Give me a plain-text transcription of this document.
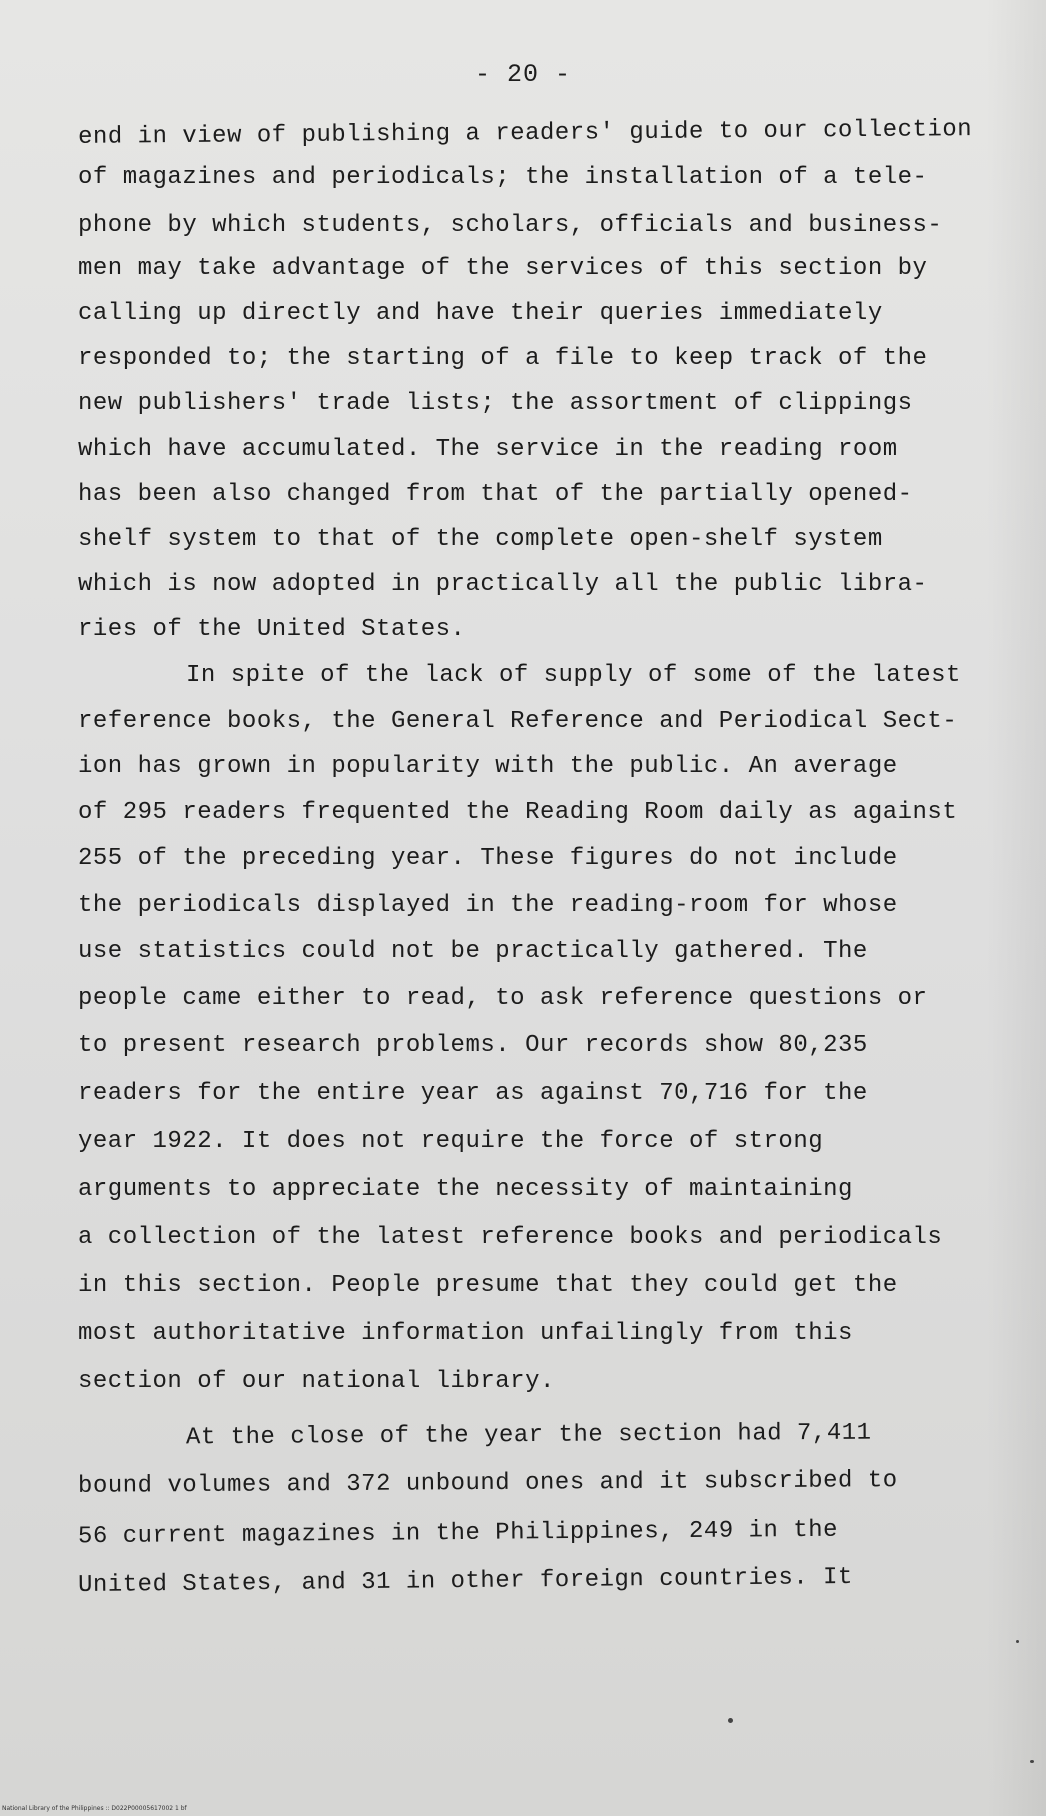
- 20 -
end in view of publishing a readers' guide to our collection
of magazines and periodicals; the installation of a tele-
phone by which students, scholars, officials and business-
men may take advantage of the services of this section by
calling up directly and have their queries immediately
responded to; the starting of a file to keep track of the
new publishers' trade lists; the assortment of clippings
which have accumulated. The service in the reading room
has been also changed from that of the partially opened-
shelf system to that of the complete open-shelf system
which is now adopted in practically all the public libra-
ries of the United States.
In spite of the lack of supply of some of the latest
reference books, the General Reference and Periodical Sect-
ion has grown in popularity with the public. An average
of 295 readers frequented the Reading Room daily as against
255 of the preceding year. These figures do not include
the periodicals displayed in the reading-room for whose
use statistics could not be practically gathered. The
people came either to read, to ask reference questions or
to present research problems. Our records show 80,235
readers for the entire year as against 70,716 for the
year 1922. It does not require the force of strong
arguments to appreciate the necessity of maintaining
a collection of the latest reference books and periodicals
in this section. People presume that they could get the
most authoritative information unfailingly from this
section of our national library.
At the close of the year the section had 7,411
bound volumes and 372 unbound ones and it subscribed to
56 current magazines in the Philippines, 249 in the
United States, and 31 in other foreign countries. It
National Library of the Philippines :: D022P00005617002 1 bf
